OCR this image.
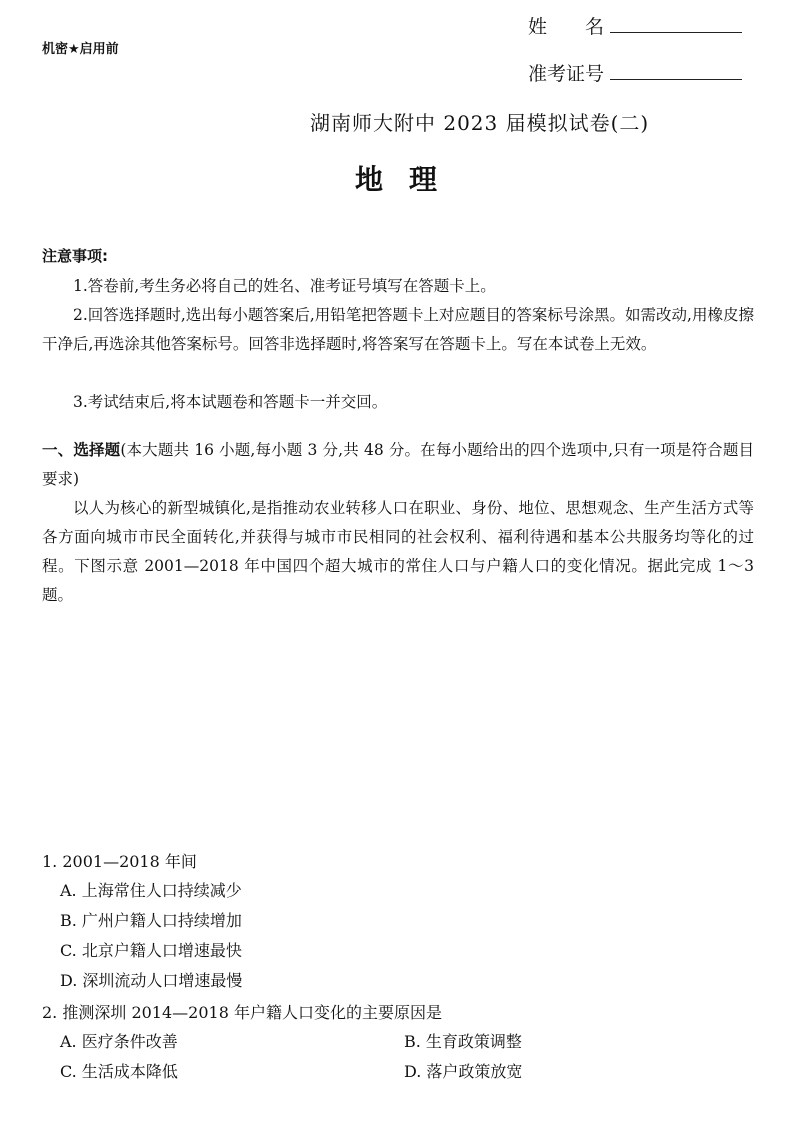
姓　　名
机密★启用前
准考证号
湖南师大附中 2023 届模拟试卷(二)
地理
注意事项:
1.答卷前,考生务必将自己的姓名、准考证号填写在答题卡上。
2.回答选择题时,选出每小题答案后,用铅笔把答题卡上对应题目的答案标号涂黑。如需改动,用橡皮擦干净后,再选涂其他答案标号。回答非选择题时,将答案写在答题卡上。写在本试卷上无效。
3.考试结束后,将本试题卷和答题卡一并交回。
一、选择题(本大题共 16 小题,每小题 3 分,共 48 分。在每小题给出的四个选项中,只有一项是符合题目要求)
以人为核心的新型城镇化,是指推动农业转移人口在职业、身份、地位、思想观念、生产生活方式等各方面向城市市民全面转化,并获得与城市市民相同的社会权利、福利待遇和基本公共服务均等化的过程。下图示意 2001—2018 年中国四个超大城市的常住人口与户籍人口的变化情况。据此完成 1～3 题。
1. 2001—2018 年间
A. 上海常住人口持续减少
B. 广州户籍人口持续增加
C. 北京户籍人口增速最快
D. 深圳流动人口增速最慢
2. 推测深圳 2014—2018 年户籍人口变化的主要原因是
A. 医疗条件改善	B. 生育政策调整
C. 生活成本降低	D. 落户政策放宽
